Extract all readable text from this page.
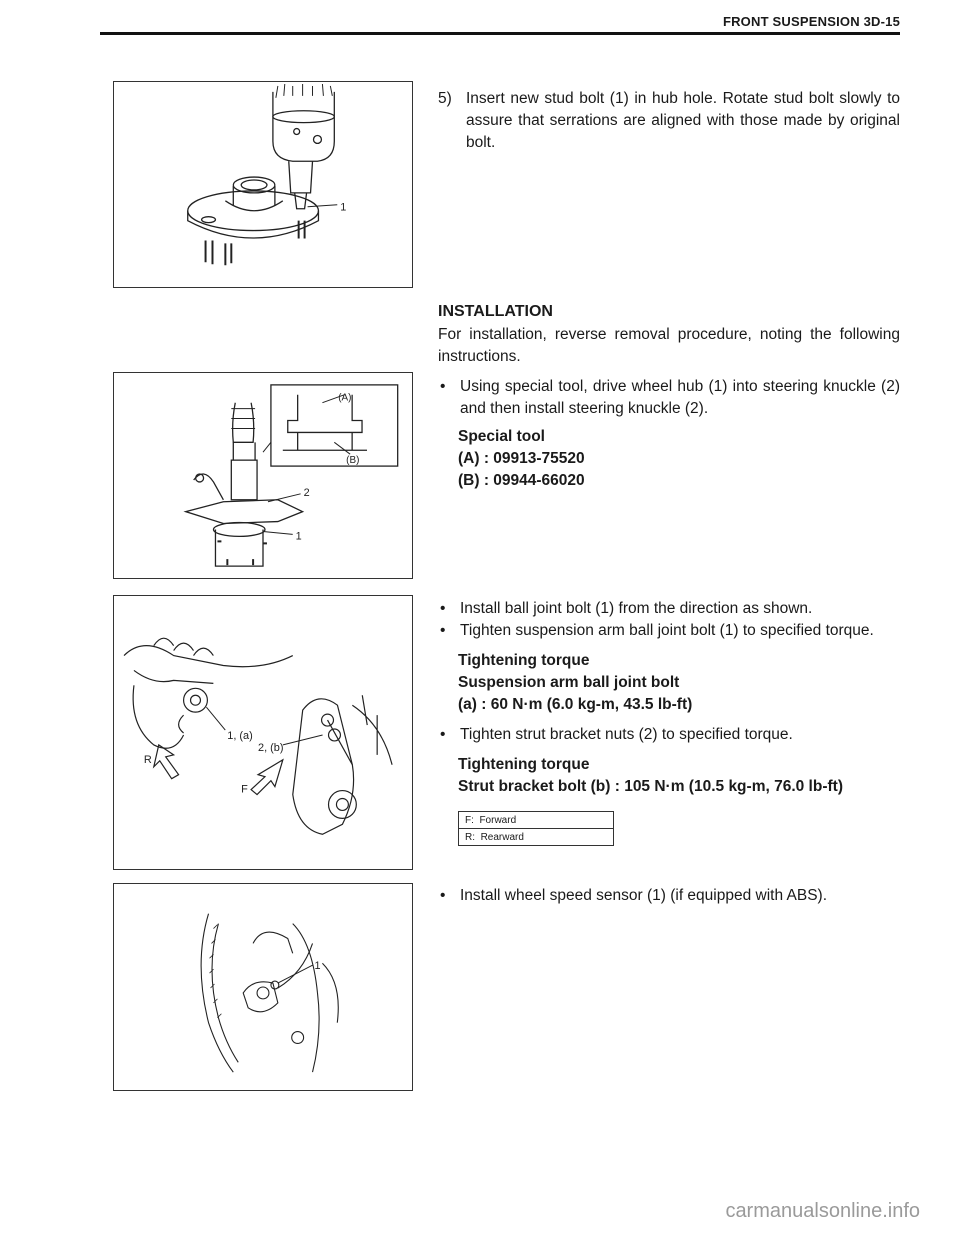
FRONT SUSPENSION 3D-15
1
5) Insert new stud bolt (1) in hub hole. Rotate stud bolt slowly to assure that serrations are aligned with those made by original bolt.
INSTALLATION
For installation, reverse removal procedure, noting the following instructions.
(A)
(B)
2
1
• Using special tool, drive wheel hub (1) into steering knuckle (2) and then install steering knuckle (2).
Special tool
(A) : 09913-75520
(B) : 09944-66020
1, (a)
2, (b)
R
F
• Install ball joint bolt (1) from the direction as shown.
• Tighten suspension arm ball joint bolt (1) to specified torque.
Tightening torque
Suspension arm ball joint bolt
(a) : 60 N·m (6.0 kg-m, 43.5 lb-ft)
• Tighten strut bracket nuts (2) to specified torque.
Tightening torque
Strut bracket bolt (b) : 105 N·m (10.5 kg-m, 76.0 lb-ft)
F: Forward
R: Rearward
1
• Install wheel speed sensor (1) (if equipped with ABS).
carmanualsonline.info
